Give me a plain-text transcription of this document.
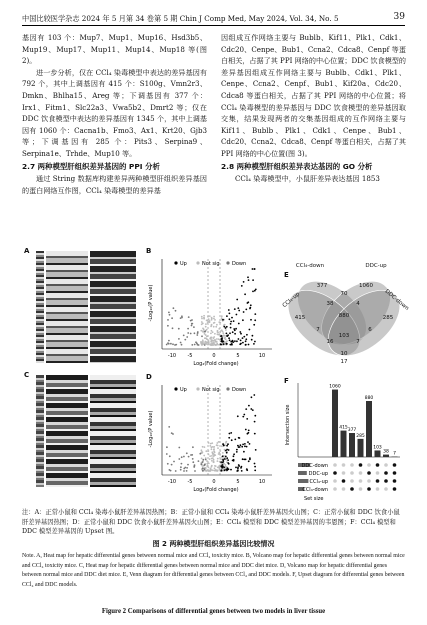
中国比较医学杂志 2024 年 5 月第 34 卷第 5 期 Chin J Comp Med, May 2024, Vol. 34, No. 5	39

基因有 103 个：Mup7、Mup1、Mup16、Hsd3b5、Mup19、Mup17、Mup11、Mup14、Mup18 等(图 2)。

进一步分析，仅在 CCl₄ 染毒模型中表达的差异基因有 792 个，其中上调基因有 415 个：S100g、Vmn2r3、Dmkn、Bhlha15、Areg 等；下调基因有 377 个：Irx1、Fitm1、Slc22a3、Vwa5b2、Dmrt2 等；仅在 DDC 饮食模型中表达的差异基因有 1345 个，其中上调基因有 1060 个：Cacna1b、Fmo3、Ax1、Krt20、Gjb3 等；下调基因有 285 个：Pits3、Serpina9、Serpina1e、Trhde、Mup10 等。

2.7 两种模型肝组织差异基因的 PPI 分析

通过 String 数据库构建差异两种模型肝组织差异基因的蛋白网络互作图，CCl₄ 染毒模型的差异基

因组成互作网络主要与 Bublb、Kif11、Plk1、Cdk1、Cdc20、Cenpe、Bub1、Ccna2、Cdca8、Cenpf 等蛋白相关，占据了其 PPI 网络的中心位置；DDC 饮食模型的差异基因组成互作网络主要与 Bublb、Cdk1、Plk1、Cenpe、Ccna2、Cenpf、Bub1、Kif20a、Cdc20、Cdca8 等蛋白相关，占据了其 PPI 网络的中心位置；将 CCl₄ 染毒模型的差异基因与 DDC 饮食模型的差异基因取交集，结果发现两者的交集基因组成的互作网络主要与 Kif11、Bublb、Plk1、Cdk1、Cenpe、Bub1、Cdc20、Ccna2、Cdca8、Cenpf 等蛋白相关，占据了其 PPI 网络的中心位置(图 3)。

2.8 两种模型肝组织差异表达基因的 GO 分析

CCl₄ 染毒模型中，小鼠肝差异表达基因 1853

A
C
B
Up	Not sig Down
-10 -5	0	5	10
Log₂(Fold change)
-Log₁₀(P value)
D
Up	Not sig Down
-10 -5	0	5	10
Log₂(Fold change)
-Log₁₀(P value)
E
CCl₄-down	DDC-up
CCl₄-up	DDC-down
377	1060
415	285
70
38	4
7
880
6
103
16	7
10
17
F
Intersection size
1060
415 377
285
880
103
38 7
DDC-down
DDC-up
CCl₄-up
CCl₄-down
Set size
注：A：正常小鼠和 CCl₄ 染毒小鼠肝差异基因热图；B：正常小鼠和 CCl₄ 染毒小鼠肝差异基因火山图；C：正常小鼠和 DDC 饮食小鼠肝差异基因热图；D：正常小鼠和 DDC 饮食小鼠肝差异基因火山图；E：CCl₄ 模型和 DDC 模型差异基因的韦恩图；F：CCl₄ 模型和 DDC 模型差异基因的 Upset 图。
图 2 两种模型肝组织差异基因比较情况
Note. A, Heat map for hepatic differential genes between normal mice and CCl₄ toxicity mice. B, Volcano map for hepatic differential genes between normal mice and CCl₄ toxicity mice. C, Heat map for hepatic differential genes between normal mice and DDC diet mice. D, Volcano map for hepatic differential genes between normal mice and DDC diet mice. E, Venn diagram for differential genes between CCl₄ and DDC models. F, Upset diagram for differential genes between CCl₄ and DDC models.
Figure 2 Comparisons of differential genes between two models in liver tissue
